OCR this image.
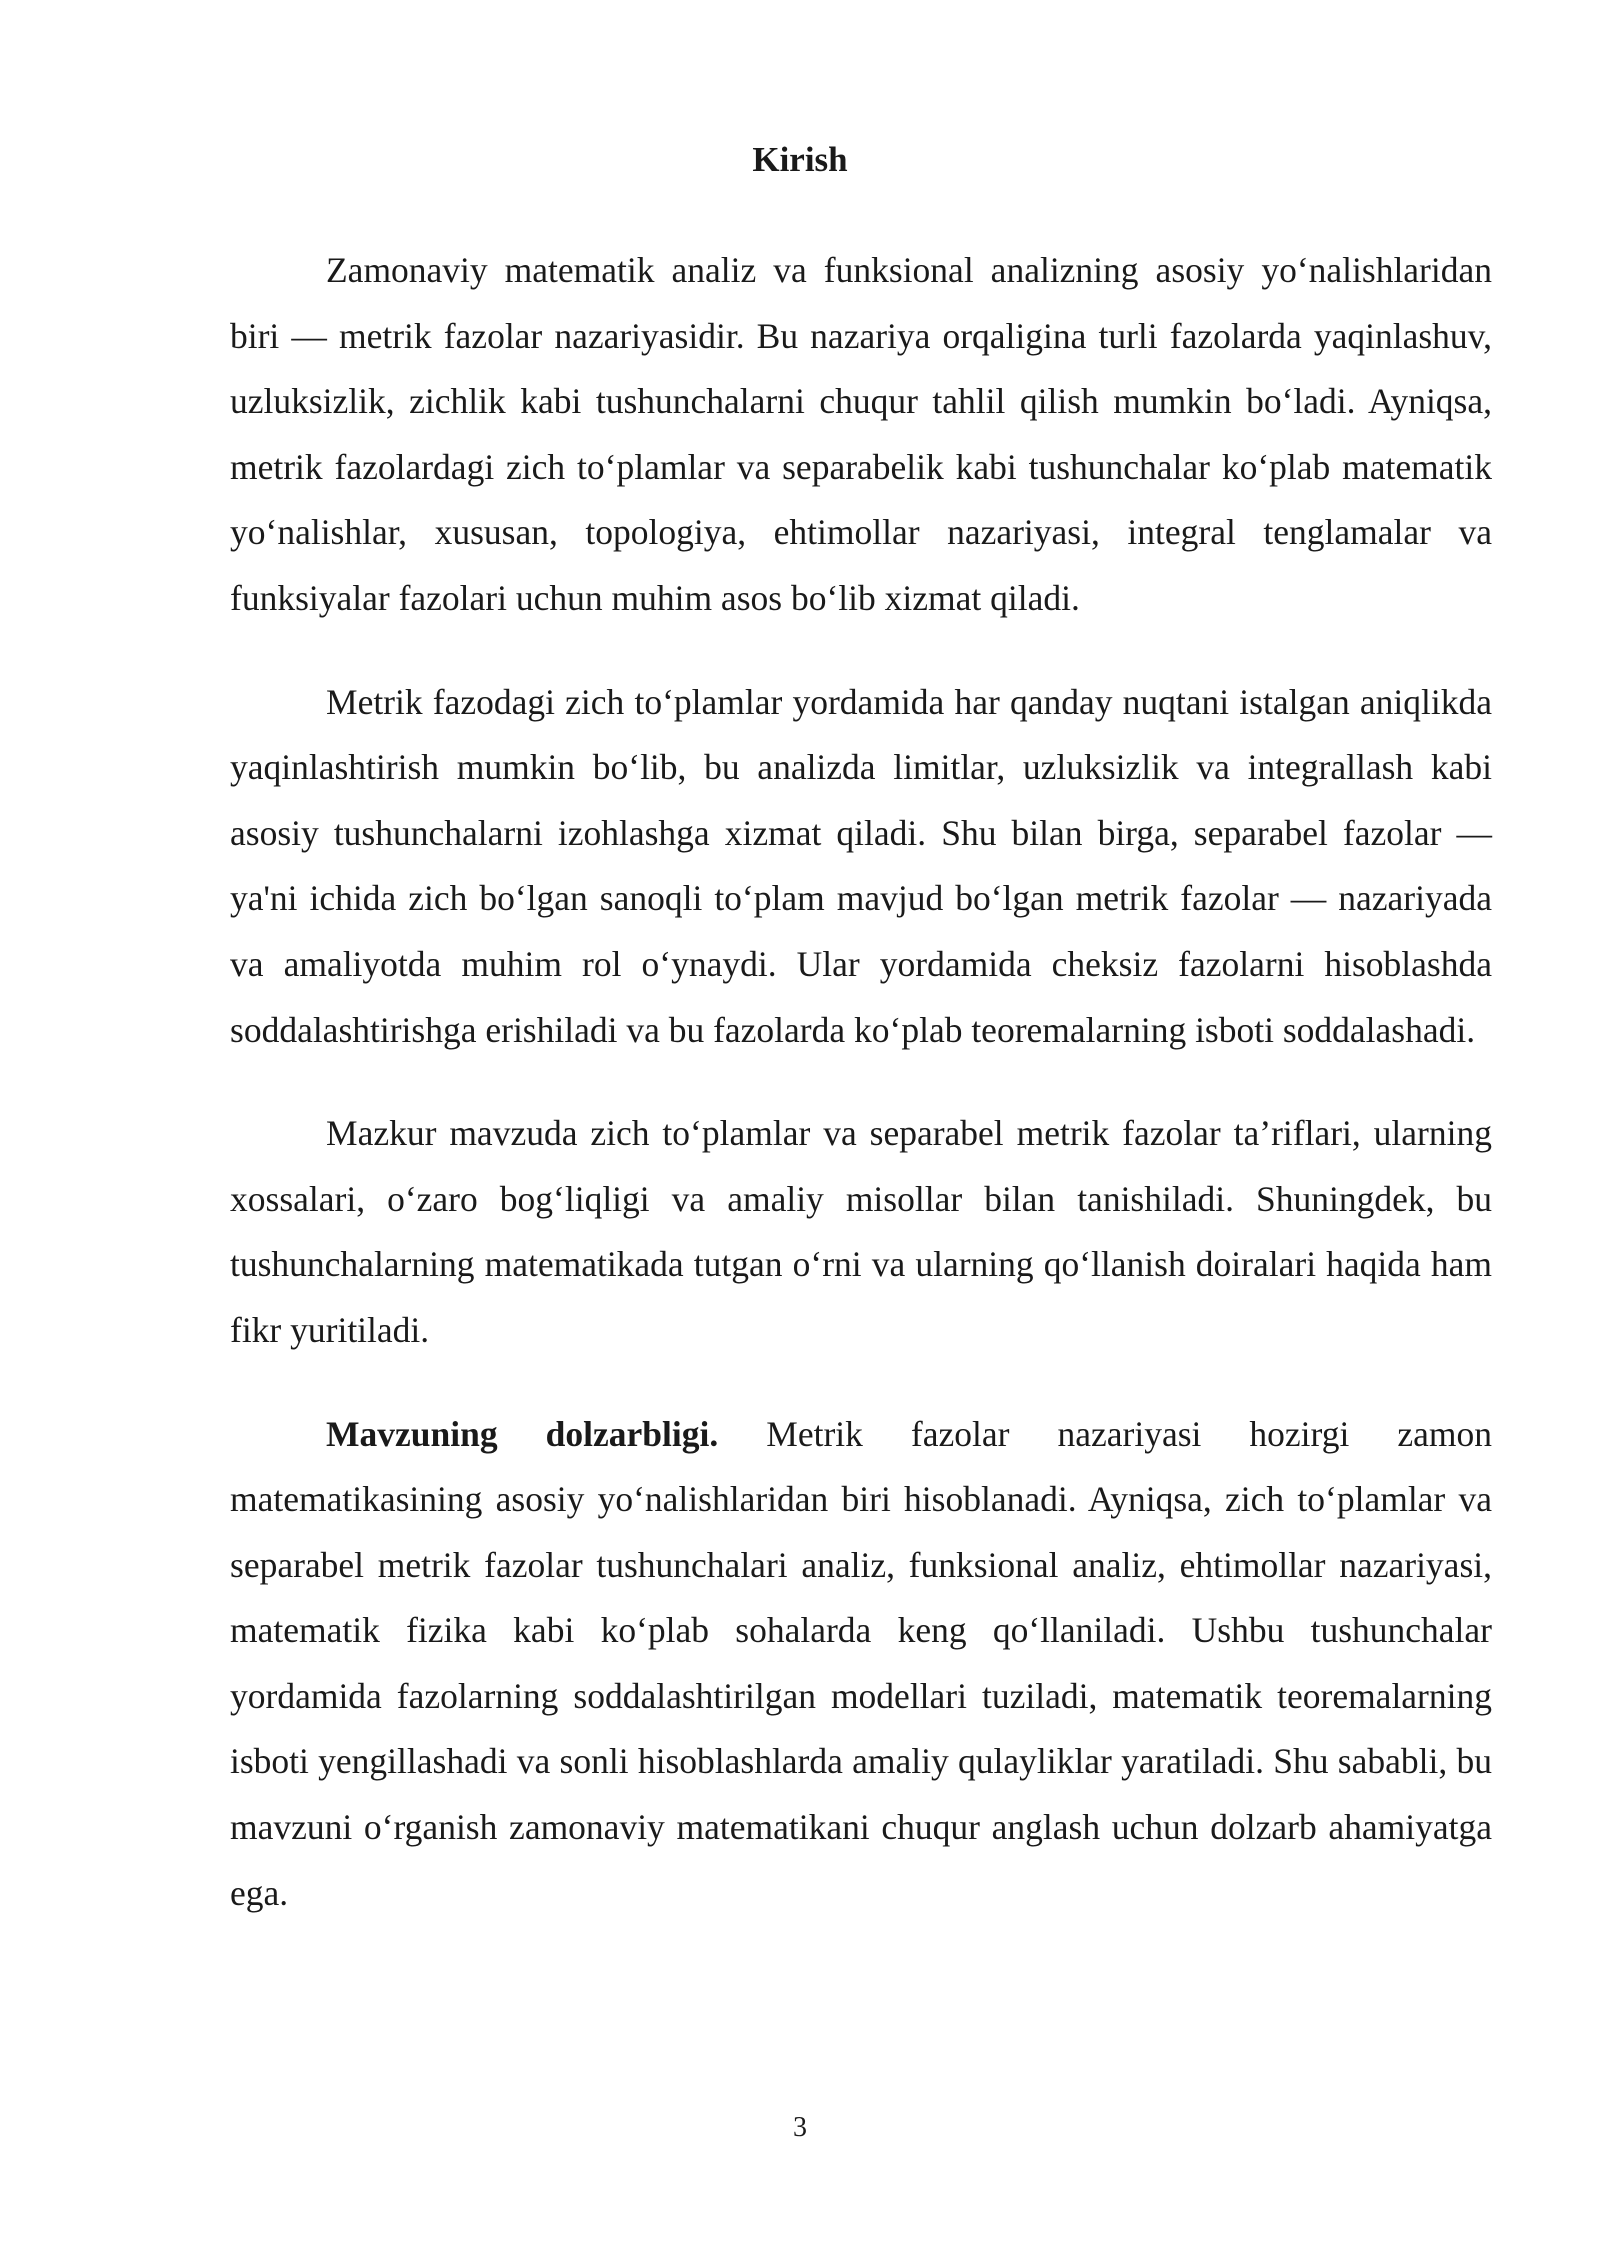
Kirish

Zamonaviy matematik analiz va funksional analizning asosiy yo‘nalishlaridan biri — metrik fazolar nazariyasidir. Bu nazariya orqaligina turli fazolarda yaqinlashuv, uzluksizlik, zichlik kabi tushunchalarni chuqur tahlil qilish mumkin bo‘ladi. Ayniqsa, metrik fazolardagi zich to‘plamlar va separabelik kabi tushunchalar ko‘plab matematik yo‘nalishlar, xususan, topologiya, ehtimollar nazariyasi, integral tenglamalar va funksiyalar fazolari uchun muhim asos bo‘lib xizmat qiladi.

Metrik fazodagi zich to‘plamlar yordamida har qanday nuqtani istalgan aniqlikda yaqinlashtirish mumkin bo‘lib, bu analizda limitlar, uzluksizlik va integrallash kabi asosiy tushunchalarni izohlashga xizmat qiladi. Shu bilan birga, separabel fazolar — ya'ni ichida zich bo‘lgan sanoqli to‘plam mavjud bo‘lgan metrik fazolar — nazariyada va amaliyotda muhim rol o‘ynaydi. Ular yordamida cheksiz fazolarni hisoblashda soddalashtirishga erishiladi va bu fazolarda ko‘plab teoremalarning isboti soddalashadi.

Mazkur mavzuda zich to‘plamlar va separabel metrik fazolar ta’riflari, ularning xossalari, o‘zaro bog‘liqligi va amaliy misollar bilan tanishiladi. Shuningdek, bu tushunchalarning matematikada tutgan o‘rni va ularning qo‘llanish doiralari haqida ham fikr yuritiladi.

Mavzuning dolzarbligi. Metrik fazolar nazariyasi hozirgi zamon matematikasining asosiy yo‘nalishlaridan biri hisoblanadi. Ayniqsa, zich to‘plamlar va separabel metrik fazolar tushunchalari analiz, funksional analiz, ehtimollar nazariyasi, matematik fizika kabi ko‘plab sohalarda keng qo‘llaniladi. Ushbu tushunchalar yordamida fazolarning soddalashtirilgan modellari tuziladi, matematik teoremalarning isboti yengillashadi va sonli hisoblashlarda amaliy qulayliklar yaratiladi. Shu sababli, bu mavzuni o‘rganish zamonaviy matematikani chuqur anglash uchun dolzarb ahamiyatga ega.

3
